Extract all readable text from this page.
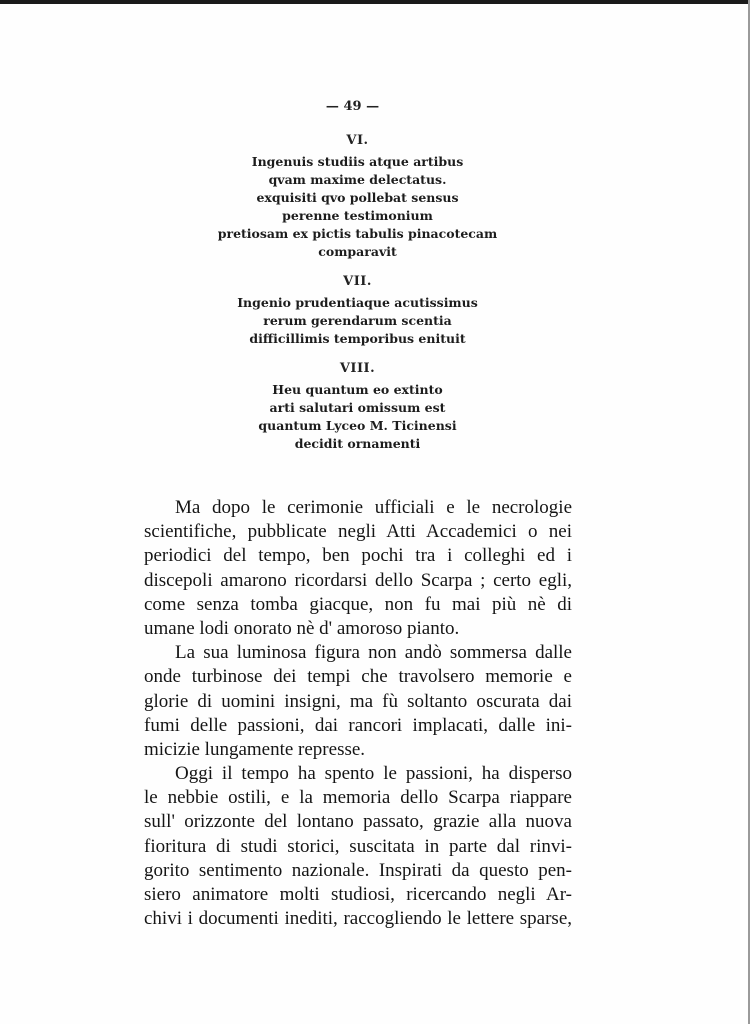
— 49 —
VI.
Ingenuis studiis atque artibus
qvam maxime delectatus.
exquisiti qvo pollebat sensus
perenne testimonium
pretiosam ex pictis tabulis pinacotecam
comparavit
VII.
Ingenio prudentiaque acutissimus
rerum gerendarum scentia
difficillimis temporibus enituit
VIII.
Heu quantum eo extinto
arti salutari omissum est
quantum Lyceo M. Ticinensi
decidit ornamenti
Ma dopo le cerimonie ufficiali e le necrologie
scientifiche, pubblicate negli Atti Accademici o nei
periodici del tempo, ben pochi tra i colleghi ed i
discepoli amarono ricordarsi dello Scarpa ; certo egli,
come senza tomba giacque, non fu mai più nè di
umane lodi onorato nè d' amoroso pianto.
La sua luminosa figura non andò sommersa dalle
onde turbinose dei tempi che travolsero memorie e
glorie di uomini insigni, ma fù soltanto oscurata dai
fumi delle passioni, dai rancori implacati, dalle ini-
micizie lungamente represse.
Oggi il tempo ha spento le passioni, ha disperso
le nebbie ostili, e la memoria dello Scarpa riappare
sull' orizzonte del lontano passato, grazie alla nuova
fioritura di studi storici, suscitata in parte dal rinvi-
gorito sentimento nazionale. Inspirati da questo pen-
siero animatore molti studiosi, ricercando negli Ar-
chivi i documenti inediti, raccogliendo le lettere sparse,
